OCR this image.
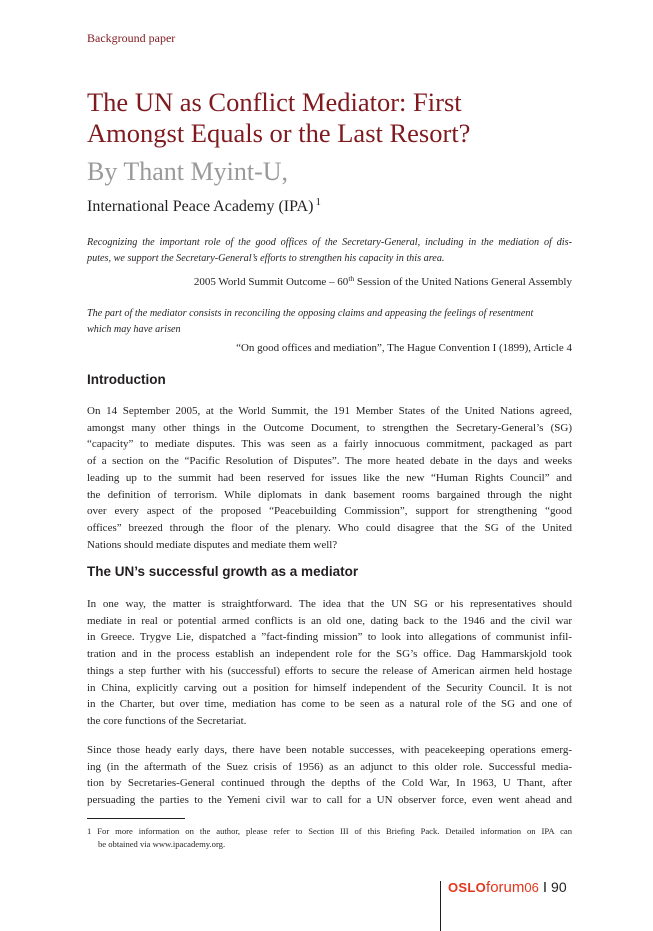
Background paper
The UN as Conflict Mediator: First
Amongst Equals or the Last Resort?
By Thant Myint-U,
International Peace Academy (IPA) $^1$
Recognizing the important role of the good offices of the Secretary-General, including in the mediation of dis-
putes, we support the Secretary-General’s efforts to strengthen his capacity in this area.
2005 World Summit Outcome – 60th Session of the United Nations General Assembly
The part of the mediator consists in reconciling the opposing claims and appeasing the feelings of resentment
which may have arisen
“On good offices and mediation”, The Hague Convention I (1899), Article 4
Introduction
On 14 September 2005, at the World Summit, the 191 Member States of the United Nations agreed,
amongst many other things in the Outcome Document, to strengthen the Secretary-General’s (SG)
“capacity” to mediate disputes. This was seen as a fairly innocuous commitment, packaged as part
of a section on the “Pacific Resolution of Disputes”. The more heated debate in the days and weeks
leading up to the summit had been reserved for issues like the new “Human Rights Council” and
the definition of terrorism. While diplomats in dank basement rooms bargained through the night
over every aspect of the proposed “Peacebuilding Commission”, support for strengthening “good
offices” breezed through the floor of the plenary. Who could disagree that the SG of the United
Nations should mediate disputes and mediate them well?
The UN’s successful growth as a mediator
In one way, the matter is straightforward. The idea that the UN SG or his representatives should
mediate in real or potential armed conflicts is an old one, dating back to the 1946 and the civil war
in Greece. Trygve Lie, dispatched a ”fact-finding mission” to look into allegations of communist infil-
tration and in the process establish an independent role for the SG’s office. Dag Hammarskjold took
things a step further with his (successful) efforts to secure the release of American airmen held hostage
in China, explicitly carving out a position for himself independent of the Security Council. It is not
in the Charter, but over time, mediation has come to be seen as a natural role of the SG and one of
the core functions of the Secretariat.
Since those heady early days, there have been notable successes, with peacekeeping operations emerg-
ing (in the aftermath of the Suez crisis of 1956) as an adjunct to this older role. Successful media-
tion by Secretaries-General continued through the depths of the Cold War, In 1963, U Thant, after
persuading the parties to the Yemeni civil war to call for a UN observer force, even went ahead and
1 For more information on the author, please refer to Section III of this Briefing Pack. Detailed information on IPA can
be obtained via www.ipacademy.org.
OSLOforum06 I 90
